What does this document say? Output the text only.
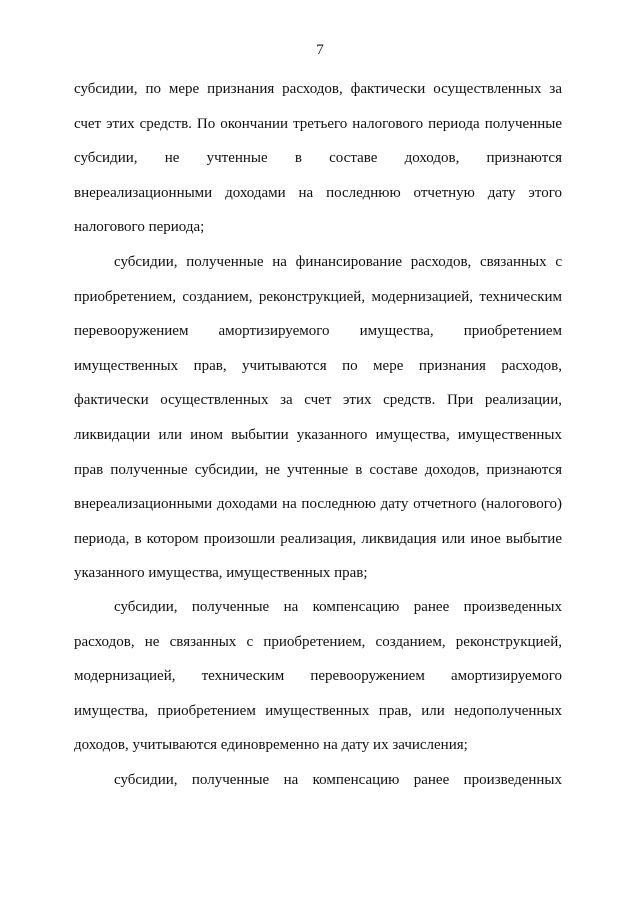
7

субсидии, по мере признания расходов, фактически осуществленных за счет этих средств. По окончании третьего налогового периода полученные субсидии, не учтенные в составе доходов, признаются внереализационными доходами на последнюю отчетную дату этого налогового периода;

субсидии, полученные на финансирование расходов, связанных с приобретением, созданием, реконструкцией, модернизацией, техническим перевооружением амортизируемого имущества, приобретением имущественных прав, учитываются по мере признания расходов, фактически осуществленных за счет этих средств. При реализации, ликвидации или ином выбытии указанного имущества, имущественных прав полученные субсидии, не учтенные в составе доходов, признаются внереализационными доходами на последнюю дату отчетного (налогового) периода, в котором произошли реализация, ликвидация или иное выбытие указанного имущества, имущественных прав;

субсидии, полученные на компенсацию ранее произведенных расходов, не связанных с приобретением, созданием, реконструкцией, модернизацией, техническим перевооружением амортизируемого имущества, приобретением имущественных прав, или недополученных доходов, учитываются единовременно на дату их зачисления;

субсидии, полученные на компенсацию ранее произведенных
